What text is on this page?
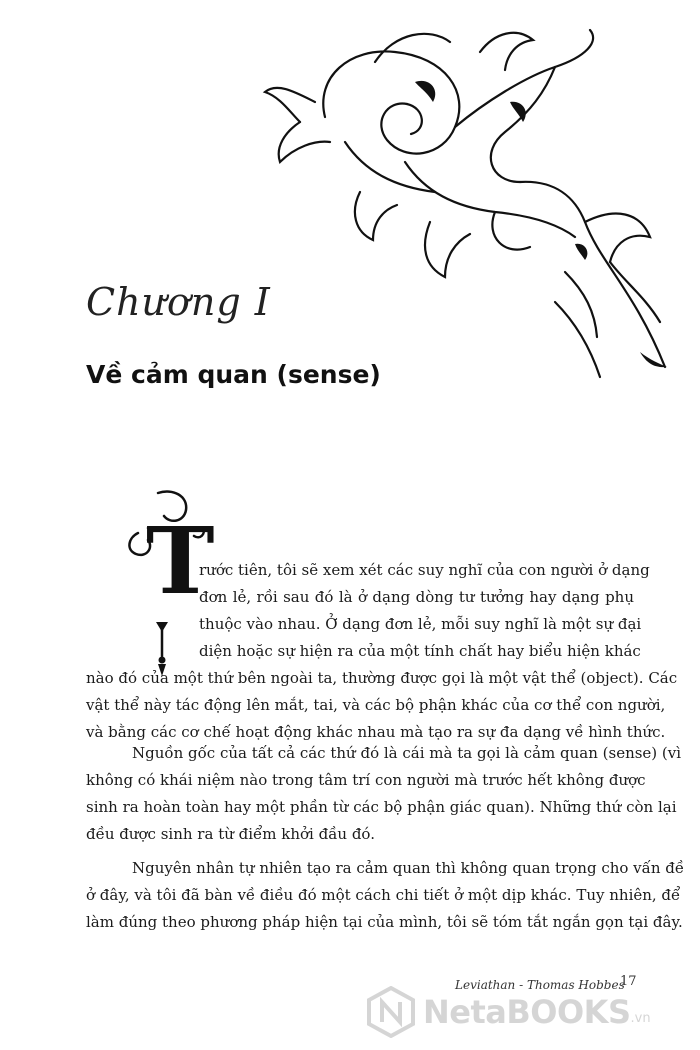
Chương I
Về cảm quan (sense)
T
rước tiên, tôi sẽ xem xét các suy nghĩ của con người ở dạng
đơn lẻ, rồi sau đó là ở dạng dòng tư tưởng hay dạng phụ
thuộc vào nhau. Ở dạng đơn lẻ, mỗi suy nghĩ là một sự đại
diện hoặc sự hiện ra của một tính chất hay biểu hiện khác
nào đó của một thứ bên ngoài ta, thường được gọi là một vật thể (object). Các
vật thể này tác động lên mắt, tai, và các bộ phận khác của cơ thể con người,
và bằng các cơ chế hoạt động khác nhau mà tạo ra sự đa dạng về hình thức.
Nguồn gốc của tất cả các thứ đó là cái mà ta gọi là cảm quan (sense) (vì
không có khái niệm nào trong tâm trí con người mà trước hết không được
sinh ra hoàn toàn hay một phần từ các bộ phận giác quan). Những thứ còn lại
đều được sinh ra từ điểm khởi đầu đó.
Nguyên nhân tự nhiên tạo ra cảm quan thì không quan trọng cho vấn đề
ở đây, và tôi đã bàn về điều đó một cách chi tiết ở một dịp khác. Tuy nhiên, để
làm đúng theo phương pháp hiện tại của mình, tôi sẽ tóm tắt ngắn gọn tại đây.
Leviathan - Thomas Hobbes
17
NetaBOOKS .vn
